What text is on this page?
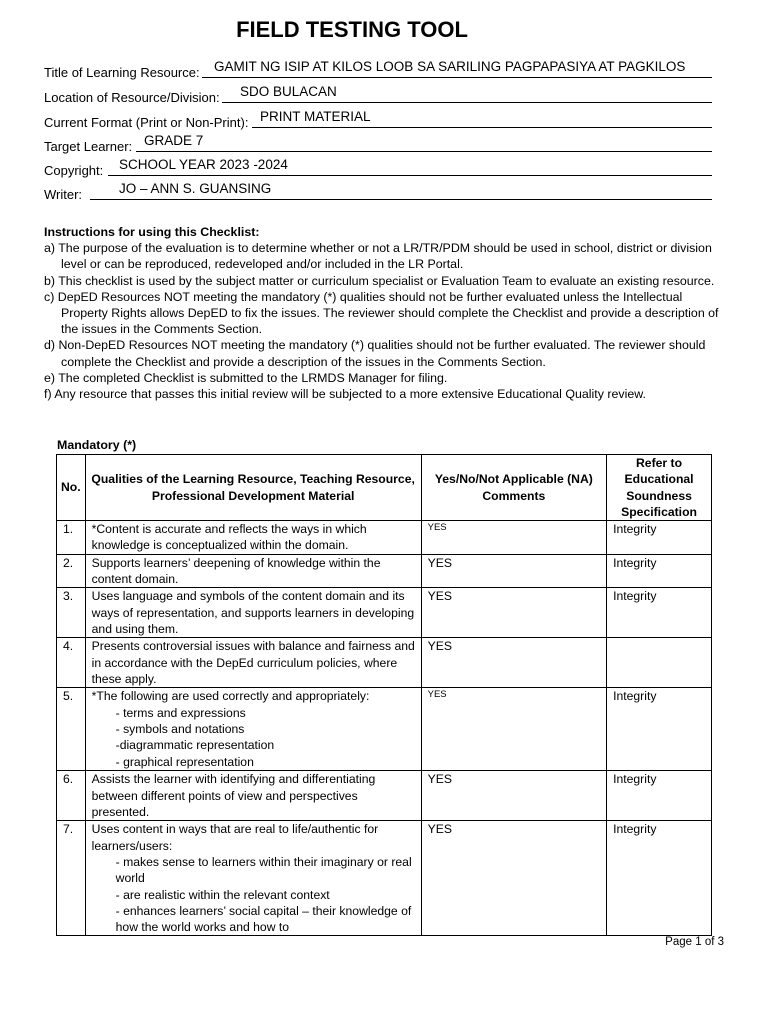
FIELD TESTING TOOL
Title of Learning Resource: GAMIT NG ISIP AT KILOS LOOB SA SARILING PAGPAPASIYA AT PAGKILOS
Location of Resource/Division: SDO BULACAN
Current Format (Print or Non-Print): PRINT MATERIAL
Target Learner: GRADE 7
Copyright: SCHOOL YEAR 2023 -2024
Writer:	JO – ANN S. GUANSING
Instructions for using this Checklist:

a) The purpose of the evaluation is to determine whether or not a LR/TR/PDM should be used in school, district or division level or can be reproduced, redeveloped and/or included in the LR Portal.

b) This checklist is used by the subject matter or curriculum specialist or Evaluation Team to evaluate an existing resource.

c) DepED Resources NOT meeting the mandatory (*) qualities should not be further evaluated unless the Intellectual Property Rights allows DepED to fix the issues. The reviewer should complete the Checklist and provide a description of the issues in the Comments Section.

d) Non-DepED Resources NOT meeting the mandatory (*) qualities should not be further evaluated. The reviewer should complete the Checklist and provide a description of the issues in the Comments Section.

e) The completed Checklist is submitted to the LRMDS Manager for filing.

f) Any resource that passes this initial review will be subjected to a more extensive Educational Quality review.

Mandatory (*)
No.	Qualities of the Learning Resource, Teaching Resource, Professional Development Material	Yes/No/Not Applicable (NA) Comments	Refer to Educational Soundness Specification
1.	*Content is accurate and reflects the ways in which knowledge is conceptualized within the domain.	YES	Integrity
2.	Supports learners’ deepening of knowledge within the content domain.	YES	Integrity
3.	Uses language and symbols of the content domain and its ways of representation, and supports learners in developing and using them.	YES	Integrity
4.	Presents controversial issues with balance and fairness and in accordance with the DepEd curriculum policies, where these apply.	YES	
5.	*The following are used correctly and appropriately:
- terms and expressions
- symbols and notations
-diagrammatic representation
- graphical representation	YES	Integrity
6.	Assists the learner with identifying and differentiating between different points of view and perspectives presented.	YES	Integrity
7.	Uses content in ways that are real to life/authentic for learners/users:
- makes sense to learners within their imaginary or real world
- are realistic within the relevant context
- enhances learners’ social capital – their knowledge of how the world works and how to	YES	Integrity
Page 1 of 3
